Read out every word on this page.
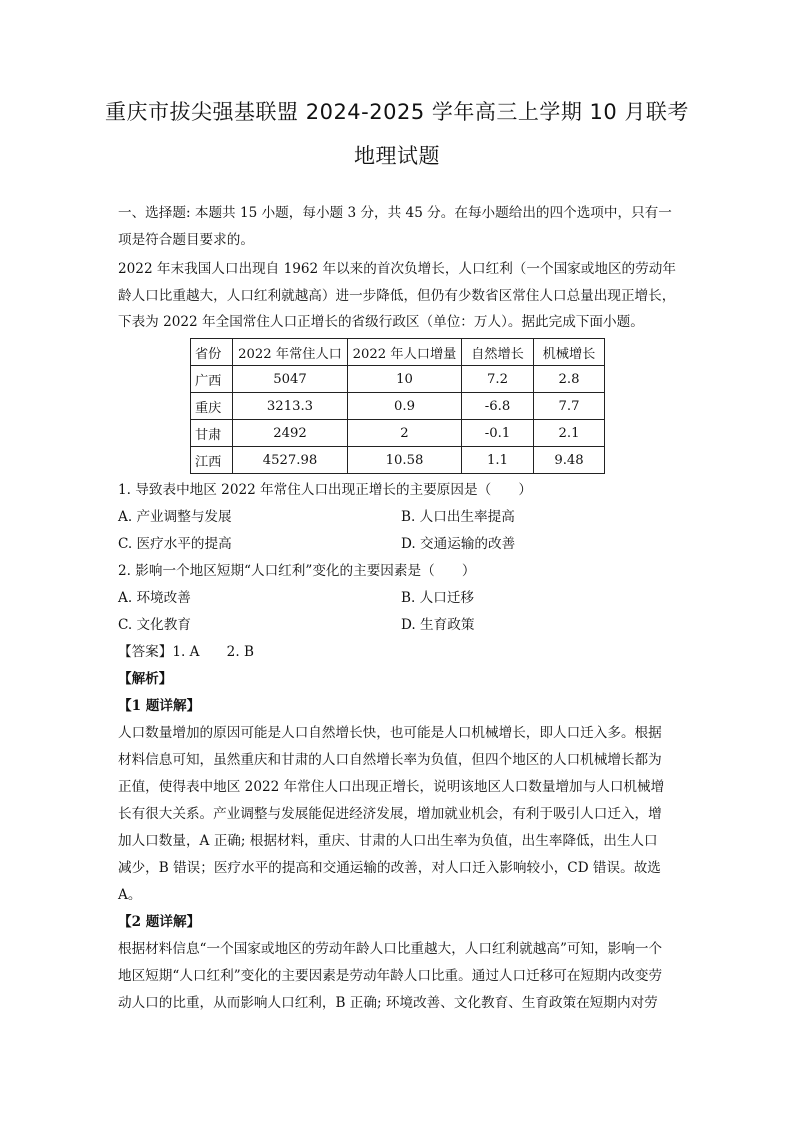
重庆市拔尖强基联盟 2024-2025 学年高三上学期 10 月联考
地理试题
一、选择题: 本题共 15 小题，每小题 3 分，共 45 分。在每小题给出的四个选项中，只有一
项是符合题目要求的。
2022 年末我国人口出现自 1962 年以来的首次负增长，人口红利（一个国家或地区的劳动年
龄人口比重越大，人口红利就越高）进一步降低，但仍有少数省区常住人口总量出现正增长，
下表为 2022 年全国常住人口正增长的省级行政区（单位：万人）。据此完成下面小题。
省份	2022 年常住人口	2022 年人口增量	自然增长	机械增长
广西	5047	10	7.2	2.8
重庆	3213.3	0.9	-6.8	7.7
甘肃	2492	2	-0.1	2.1
江西	4527.98	10.58	1.1	9.48
1. 导致表中地区 2022 年常住人口出现正增长的主要原因是（　　）
A. 产业调整与发展	B. 人口出生率提高
C. 医疗水平的提高	D. 交通运输的改善
2. 影响一个地区短期“人口红利”变化的主要因素是（　　）
A. 环境改善	B. 人口迁移
C. 文化教育	D. 生育政策
【答案】1. A　　2. B
【解析】
【1 题详解】
人口数量增加的原因可能是人口自然增长快，也可能是人口机械增长，即人口迁入多。根据
材料信息可知，虽然重庆和甘肃的人口自然增长率为负值，但四个地区的人口机械增长都为
正值，使得表中地区 2022 年常住人口出现正增长，说明该地区人口数量增加与人口机械增
长有很大关系。产业调整与发展能促进经济发展，增加就业机会，有利于吸引人口迁入，增
加人口数量，A 正确; 根据材料，重庆、甘肃的人口出生率为负值，出生率降低，出生人口
减少，B 错误；医疗水平的提高和交通运输的改善，对人口迁入影响较小，CD 错误。故选
A。
【2 题详解】
根据材料信息“一个国家或地区的劳动年龄人口比重越大，人口红利就越高”可知，影响一个
地区短期“人口红利”变化的主要因素是劳动年龄人口比重。通过人口迁移可在短期内改变劳
动人口的比重，从而影响人口红利，B 正确; 环境改善、文化教育、生育政策在短期内对劳
